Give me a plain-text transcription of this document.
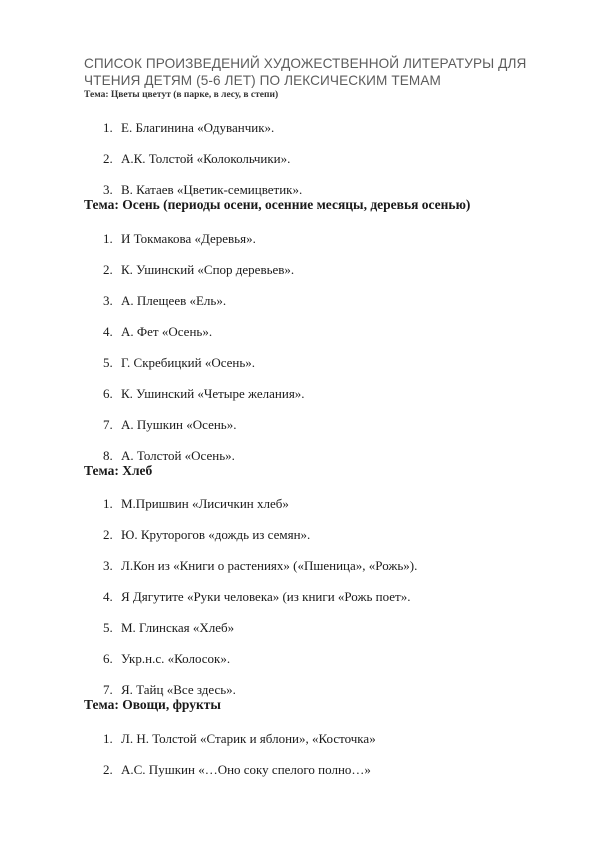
СПИСОК ПРОИЗВЕДЕНИЙ ХУДОЖЕСТВЕННОЙ ЛИТЕРАТУРЫ ДЛЯ ЧТЕНИЯ ДЕТЯМ (5-6 ЛЕТ) ПО ЛЕКСИЧЕСКИМ ТЕМАМ
Тема: Цветы цветут (в парке, в лесу, в степи)
1. Е. Благинина «Одуванчик».
2. А.К. Толстой «Колокольчики».
3. В. Катаев «Цветик-семицветик».
Тема: Осень (периоды осени, осенние месяцы, деревья осенью)
1. И Токмакова «Деревья».
2. К. Ушинский «Спор деревьев».
3. А. Плещеев «Ель».
4. А. Фет «Осень».
5. Г. Скребицкий «Осень».
6. К. Ушинский «Четыре желания».
7. А. Пушкин «Осень».
8. А. Толстой «Осень».
Тема: Хлеб
1. М.Пришвин «Лисичкин хлеб»
2. Ю. Круторогов «дождь из семян».
3. Л.Кон из «Книги о растениях» («Пшеница», «Рожь»).
4. Я Дягутите «Руки человека» (из книги «Рожь поет».
5. М. Глинская «Хлеб»
6. Укр.н.с. «Колосок».
7. Я. Тайц «Все здесь».
Тема: Овощи, фрукты
1. Л. Н. Толстой «Старик и яблони», «Косточка»
2. А.С. Пушкин «…Оно соку спелого полно…»
